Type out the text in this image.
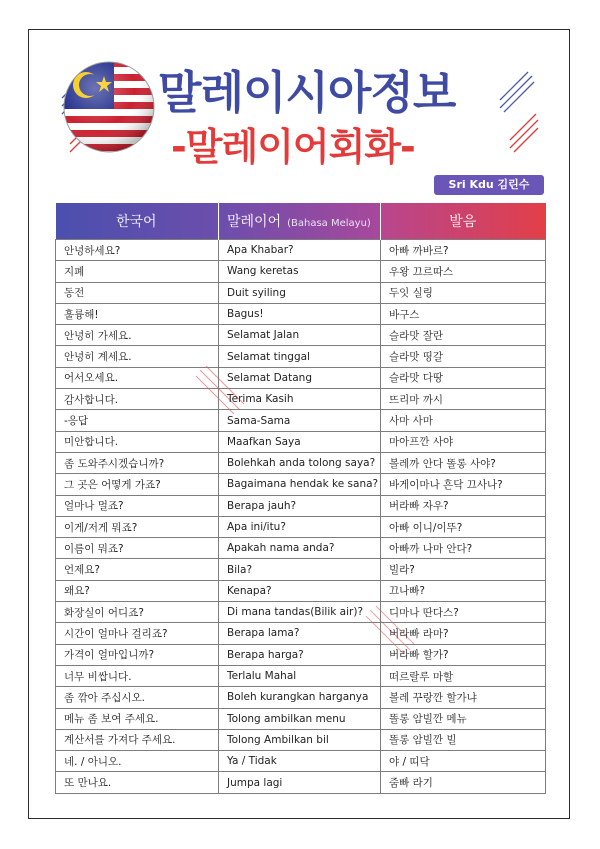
말레이시아정보
-말레이어회화-
Sri Kdu 김린수
한국어	말레이어 (Bahasa Melayu)	발음
안녕하세요?	Apa Khabar?	아빠 까바르?
지폐	Wang keretas	우왕 끄르따스
동전	Duit syiling	두잇 실링
훌륭해!	Bagus!	바구스
안녕히 가세요.	Selamat Jalan	슬라맛 잘란
안녕히 계세요.	Selamat tinggal	슬라맛 띵갈
어서오세요.	Selamat Datang	슬라맛 다땅
감사합니다.	Terima Kasih	뜨리마 까시
-응답	Sama-Sama	사마 사마
미안합니다.	Maafkan Saya	마아프깐 사야
좀 도와주시겠습니까?	Bolehkah anda tolong saya?	볼레까 안다 똘롱 사야?
그 곳은 어떻게 가죠?	Bagaimana hendak ke sana?	바게이마나 흔닥 끄사나?
얼마나 멀죠?	Berapa jauh?	버라빠 자우?
이게/저게 뭐죠?	Apa ini/itu?	아빠 이니/이뚜?
이름이 뭐죠?	Apakah nama anda?	아빠까 나마 안다?
언제요?	Bila?	빌라?
왜요?	Kenapa?	끄나빠?
화장실이 어디죠?	Di mana tandas(Bilik air)?	디마나 딴다스?
시간이 얼마나 걸리죠?	Berapa lama?	버라빠 라마?
가격이 얼마입니까?	Berapa harga?	버라빠 할가?
너무 비쌉니다.	Terlalu Mahal	떠르랄루 마할
좀 깎아 주십시오.	Boleh kurangkan harganya	볼레 꾸랑깐 할가냐
메뉴 좀 보여 주세요.	Tolong ambilkan menu	똘롱 암빌깐 메뉴
계산서를 가져다 주세요.	Tolong Ambilkan bil	똘롱 암빌깐 빌
네. / 아니오.	Ya / Tidak	야 / 띠닥
또 만나요.	Jumpa lagi	줌빠 라기
